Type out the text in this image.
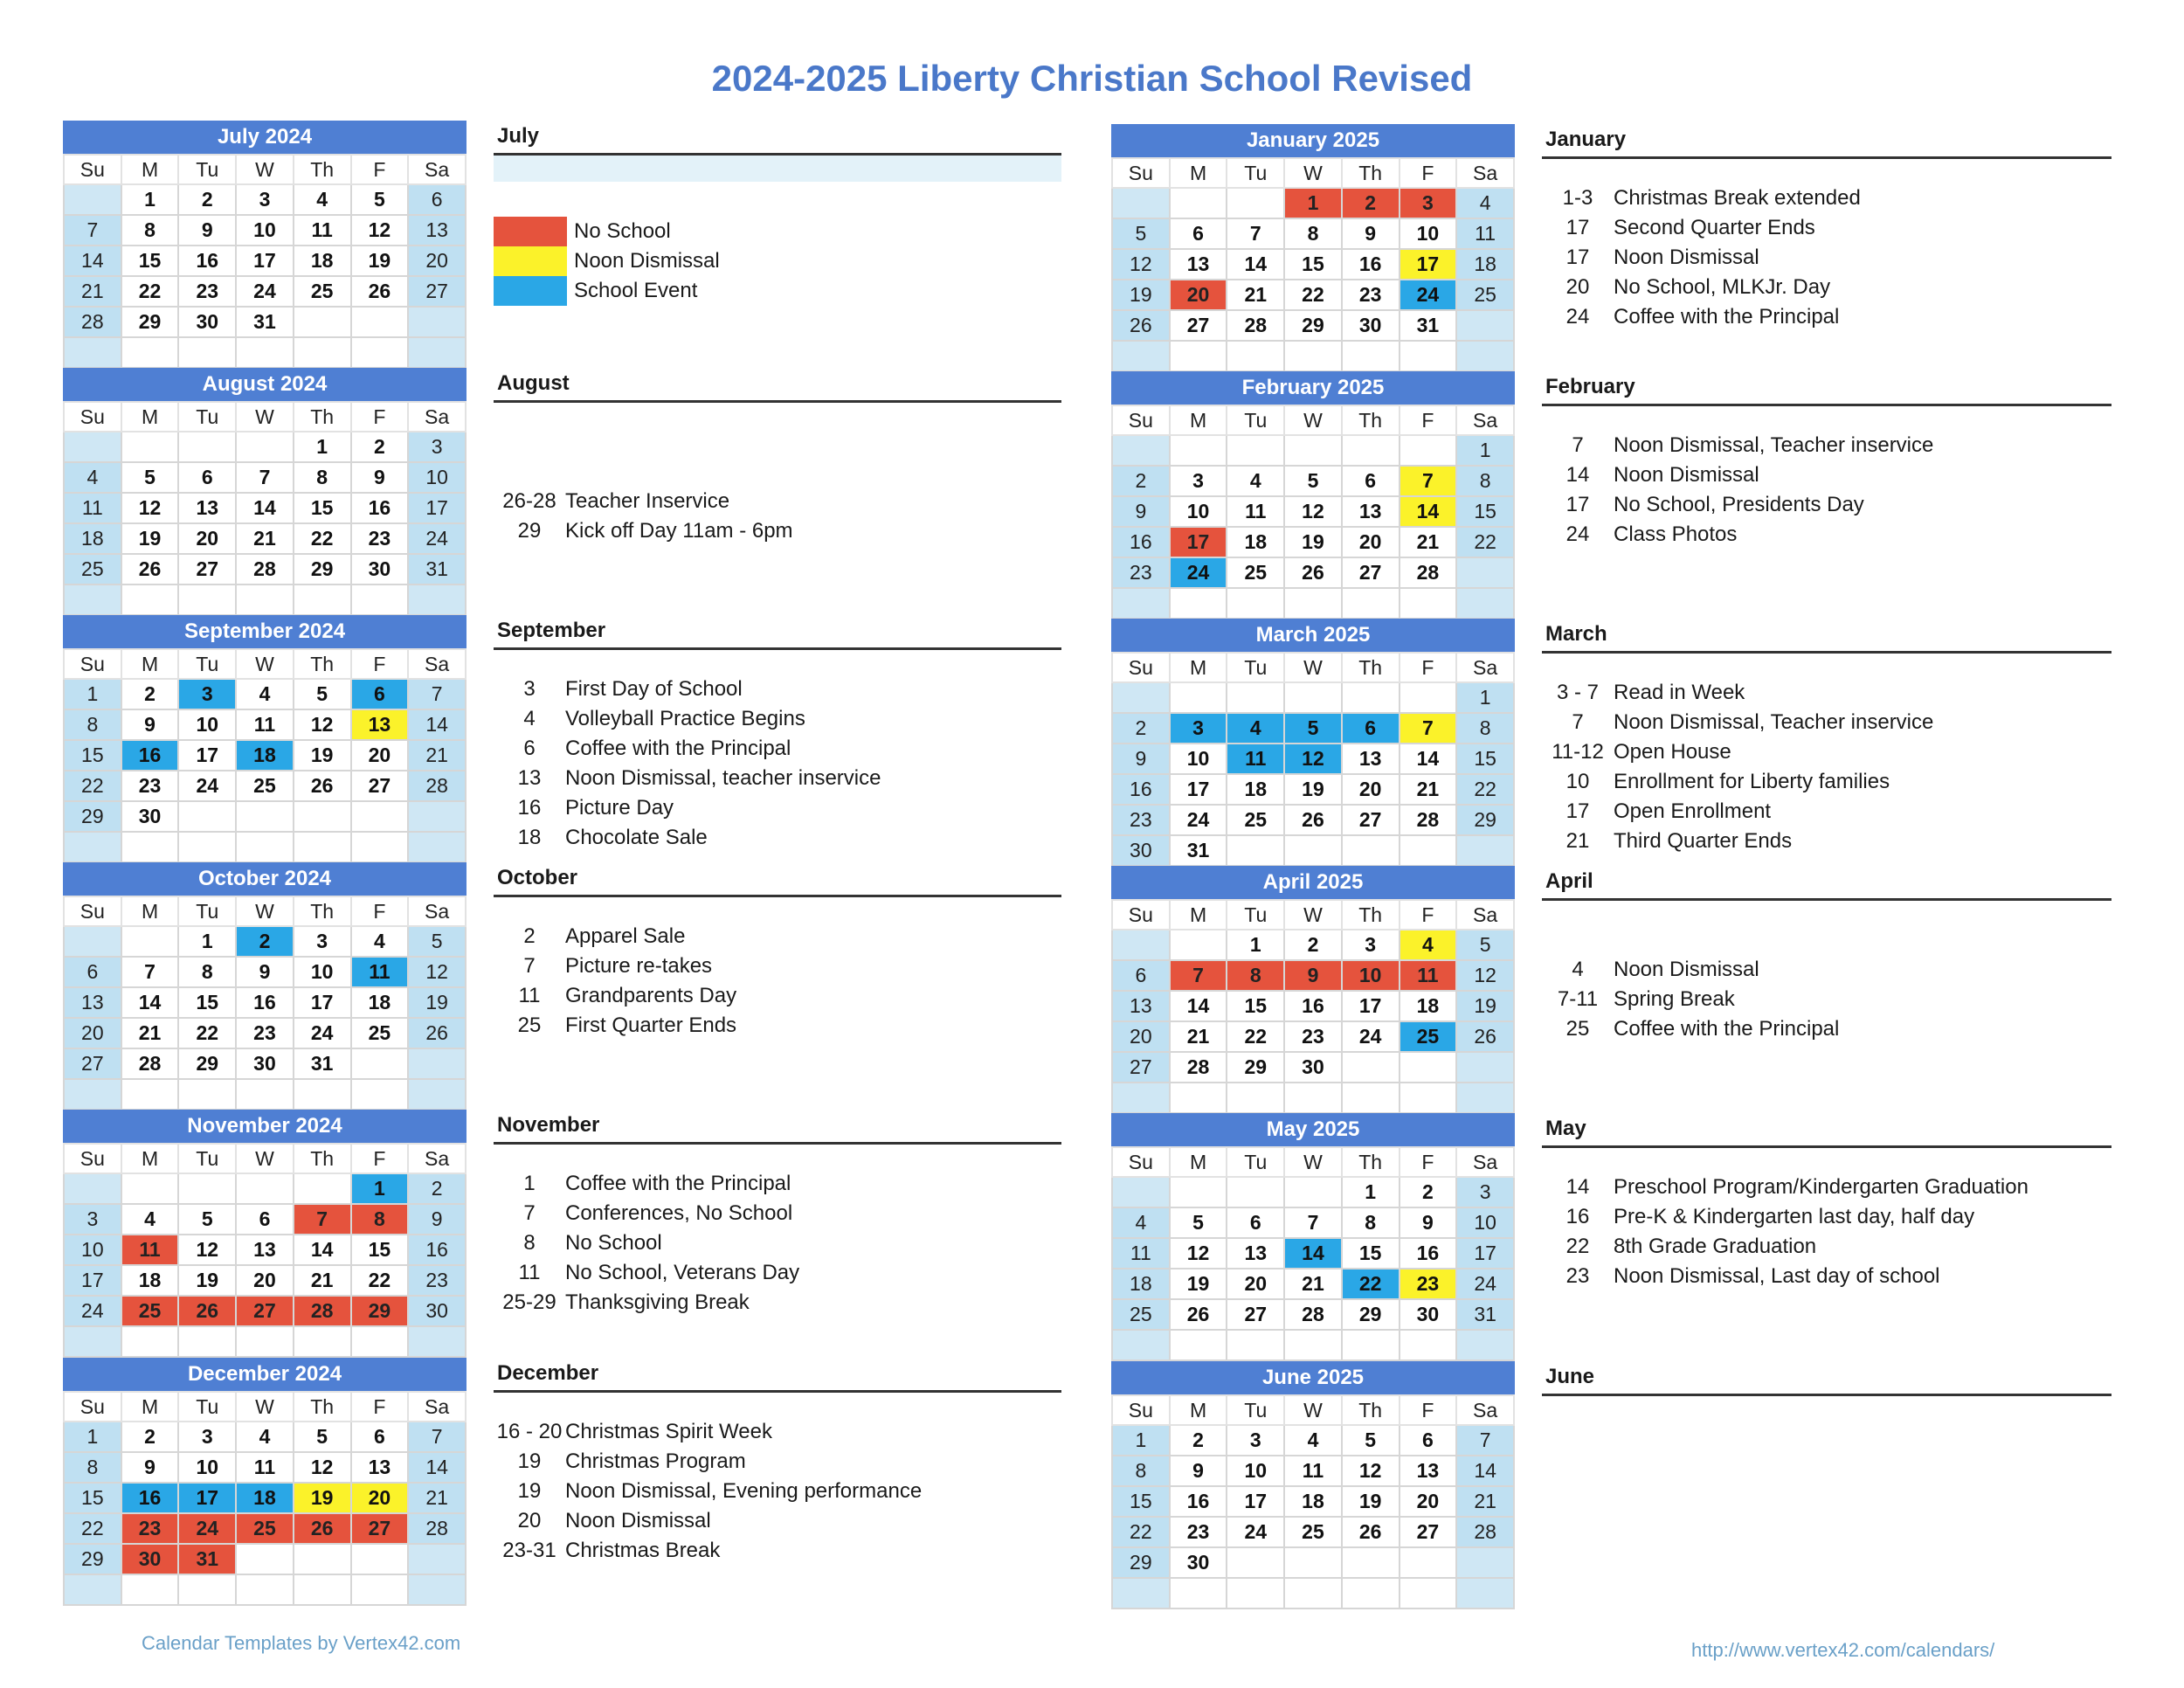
2024-2025 Liberty Christian School Revised
July 2024
Su	M	Tu	W	Th	F	Sa
	1	2	3	4	5	6
7	8	9	10	11	12	13
14	15	16	17	18	19	20
21	22	23	24	25	26	27
28	29	30	31			

July
August 2024
Su	M	Tu	W	Th	F	Sa
				1	2	3
4	5	6	7	8	9	10
11	12	13	14	15	16	17
18	19	20	21	22	23	24
25	26	27	28	29	30	31

August
26-28 Teacher Inservice
29	Kick off Day 11am - 6pm
September 2024
Su	M	Tu	W	Th	F	Sa
1	2	3	4	5	6	7
8	9	10	11	12	13	14
15	16	17	18	19	20	21
22	23	24	25	26	27	28
29	30					

September
3	First Day of School
4	Volleyball Practice Begins
6	Coffee with the Principal
13	Noon Dismissal, teacher inservice
16	Picture Day
18	Chocolate Sale
October 2024
Su	M	Tu	W	Th	F	Sa
		1	2	3	4	5
6	7	8	9	10	11	12
13	14	15	16	17	18	19
20	21	22	23	24	25	26
27	28	29	30	31		

October
2	Apparel Sale
7	Picture re-takes
11	Grandparents Day
25	First Quarter Ends
November 2024
Su	M	Tu	W	Th	F	Sa
					1	2
3	4	5	6	7	8	9
10	11	12	13	14	15	16
17	18	19	20	21	22	23
24	25	26	27	28	29	30

November
1	Coffee with the Principal
7	Conferences, No School
8	No School
11	No School, Veterans Day
25-29 Thanksgiving Break
December 2024
Su	M	Tu	W	Th	F	Sa
1	2	3	4	5	6	7
8	9	10	11	12	13	14
15	16	17	18	19	20	21
22	23	24	25	26	27	28
29	30	31				

December
16 - 20 Christmas Spirit Week
19	Christmas Program
19	Noon Dismissal, Evening performance
20	Noon Dismissal
23-31 Christmas Break
January 2025
Su	M	Tu	W	Th	F	Sa
			1	2	3	4
5	6	7	8	9	10	11
12	13	14	15	16	17	18
19	20	21	22	23	24	25
26	27	28	29	30	31	

January
1-3 Christmas Break extended
17	Second Quarter Ends
17	Noon Dismissal
20	No School, MLKJr. Day
24	Coffee with the Principal
February 2025
Su	M	Tu	W	Th	F	Sa
						1
2	3	4	5	6	7	8
9	10	11	12	13	14	15
16	17	18	19	20	21	22
23	24	25	26	27	28	

February
7	Noon Dismissal, Teacher inservice
14	Noon Dismissal
17	No School, Presidents Day
24	Class Photos
March 2025
Su	M	Tu	W	Th	F	Sa
						1
2	3	4	5	6	7	8
9	10	11	12	13	14	15
16	17	18	19	20	21	22
23	24	25	26	27	28	29
30	31					
March
3 - 7 Read in Week
7	Noon Dismissal, Teacher inservice
11-12 Open House
10	Enrollment for Liberty families
17	Open Enrollment
21	Third Quarter Ends
April 2025
Su	M	Tu	W	Th	F	Sa
		1	2	3	4	5
6	7	8	9	10	11	12
13	14	15	16	17	18	19
20	21	22	23	24	25	26
27	28	29	30			

April
4	Noon Dismissal
7-11 Spring Break
25	Coffee with the Principal
May 2025
Su	M	Tu	W	Th	F	Sa
				1	2	3
4	5	6	7	8	9	10
11	12	13	14	15	16	17
18	19	20	21	22	23	24
25	26	27	28	29	30	31

May
14	Preschool Program/Kindergarten Graduation
16	Pre-K & Kindergarten last day, half day
22	8th Grade Graduation
23	Noon Dismissal, Last day of school
June 2025
Su	M	Tu	W	Th	F	Sa
1	2	3	4	5	6	7
8	9	10	11	12	13	14
15	16	17	18	19	20	21
22	23	24	25	26	27	28
29	30					

June
No School
Noon Dismissal
School Event
Calendar Templates by Vertex42.com	http://www.vertex42.com/calendars/
